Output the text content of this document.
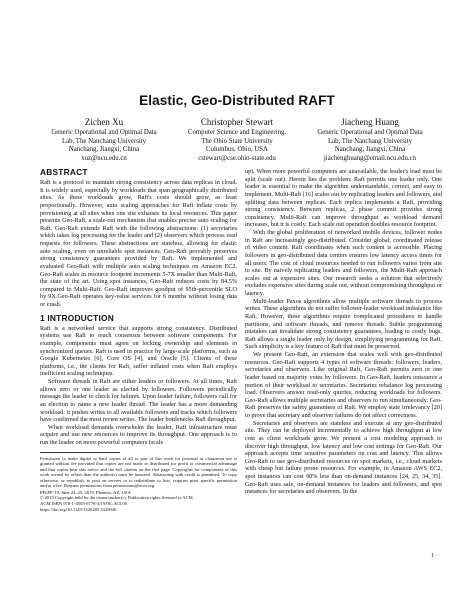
Elastic, Geo-Distributed RAFT
Zichen Xu
Generic Operational and Optimal Data
Lab, The Nanchang University
Nanchang, Jiangxi, China
xuz@ncu.edu.cn
Christopher Stewart
Computer Science and Engineering,
The Ohio State University
Columbus, Ohio, USA
cstewart@cse.ohio-state.edu
Jiacheng Huang
Generic Operational and Optimal Data
Lab, The Nanchang University
Nanchang, Jiangxi, China
jiachenghuang@email.ncu.edu.cn
ABSTRACT

Raft is a protocol to maintain strong consistency across data replicas in cloud. It is widely used, especially by workloads that span geographically distributed sites. As these workloads grow, Raft's costs should grow, as least proportionally. However, auto scaling approaches for Raft inflate costs by provisioning at all sites when one site exhausts its local resources. This paper presents Geo-Raft, a scale-out mechanism that enables precise auto scaling for Raft. Geo-Raft extends Raft with the following abstractions: (1) secretaries which takes log processing for the leader and (2) observers which process read requests for followers. These abstractions are stateless, allowing for elastic auto scaling, even on unreliable spot instances. Geo-Raft provably preserves strong consistency guarantees provided by Raft. We implemented and evaluated Geo-Raft with multiple auto scaling techniques on Amazon EC2. Geo-Raft scales in resource footprint increments 5-7X smaller than Multi-Raft, the state of the art. Using spot instances, Geo-Raft reduces costs by 84.5% compared to Multi-Raft. Geo-Raft improves goodput of 95th-percentile SLO by 9X.Geo-Raft operates key-value services for 6 months without losing data or crash.

1 INTRODUCTION

Raft is a networked service that supports strong consistency. Distributed systems use Raft to reach consensus between software components. For example, components must agree on locking ownership and elements in synchronized queues. Raft is used in practice by large-scale platforms, such as Google Kubernetes [6], Core OS [4], and Oracle [5]. Clients of these platforms, i.e., the clients for Raft, suffer inflated costs when Raft employs inefficient scaling techniques.

Software threads in Raft are either leaders or followers. At all times, Raft allows zero or one leader as elected by followers. Followers periodically message the leader to check for failures. Upon leader failure, followers call for an election to name a new leader thread. The leader has a more demanding workload: it pushes writes to all available followers and tracks which followers have confirmed the most recent writes. The leader bottlenecks Raft throughput.

When workload demands overwhelm the leader, Raft infrastructure must acquire and use new resources to improve its throughput. One approach is to run the leader on more powerful computers (scale

Permission to make digital or hard copies of all or part of this work for personal or classroom use is granted without fee provided that copies are not made or distributed for profit or commercial advantage and that copies bear this notice and the full citation on the first page. Copyrights for components of this work owned by others than the author(s) must be honored. Abstracting with credit is permitted. To copy otherwise, or republish, to post on servers or to redistribute to lists, requires prior specific permission and/or a fee. Request permissions from permissions@acm.org.

PPoPP '19, June 24–25, 2019, Phoenix, AZ, USA

© 2019 Copyright held by the owner/author(s). Publication rights licensed to ACM.

ACM ISBN 978-1-4503-6778-3/19/06...$15.00

https://doi.org/10.1145/3326285.3329046

up). When more powerful computers are unavailable, the leader's load must be split (scale out). Herein lies the problem: Raft permits one leader only. One leader is essential to make the algorithm understandable, correct, and easy to implement. Multi-Raft [16] scales out by replicating leaders and followers, and splitting data between replicas. Each replica implements a Raft, providing strong consistency. Between replicas, 2 phase commit provides strong consistency. Multi-Raft can improve throughput as workload demand increases, but it is costly. Each scale out operation doubles resource footprint.

With the global proliferation of networked mobile devices, follower nodes in Raft are increasingly geo-distributed. Consider global, coordinated release of video content. Raft coordinates when such content is accessible. Placing followers in geo-distributed data centers ensures low latency access times for all users. The cost of cloud resources needed to run followers varies from site to site. By naively replicating leaders and followers, the Multi-Raft approach scales out at expensive sites. Our research seeks a solution that selectively excludes expensive sites during scale out, without compromising throughput or latency.

Multi-leader Paxos algorithms allow multiple software threads to process writes. These algorithms do not suffer follower-leader workload imbalance like Raft. However, these algorithms require complicated procedures to handle partitions, and software threads, and remove threads. Subtle programming mistakes can invalidate strong consistency guarantees, leading to costly bugs. Raft allows a single leader only by design, simplifying programming for Raft. Such simplicity is a key feature of Raft that must be preserved.

We present Geo-Raft, an extension that scales well with geo-distributed resources. Geo-Raft supports 4 types of software threads: followers, leaders, secretaries and observers. Like original Raft, Geo-Raft permits zero or one leader based on majority votes by followers. In Geo-Raft, leaders outsource a portion of their workload to secretaries. Secretaries rebalance log processing load. Observers answer read-only queries, reducing workloads for followers. Geo-Raft allows multiple secretaries and observers to run simultaneously. Geo-Raft preserves the safety guarantees of Raft. We employ state irrelevancy [20] to prove that secretary and observer failures do not affect correctness.

Secretaries and observers are stateless and execute at any geo-distributed site. They can be deployed incrementally to achieve high throughput at low cost as client workloads grow. We present a cost modeling approach to discover high throughput, low latency and low cost settings for Geo-Raft. Our approach accepts time sensitive parameters on cost and latency. This allows Geo-Raft to use geo-distributed resources on spot markets, i.e., cloud markets with cheap but failure prone resources. For example, in Amazon AWS EC2, spot instances can cost 90% less than on-demand instances [24, 25, 34, 35]. Geo-Raft uses safe, on-demand instances for leaders and followers, and spot instances for secretaries and observers. In the

1
